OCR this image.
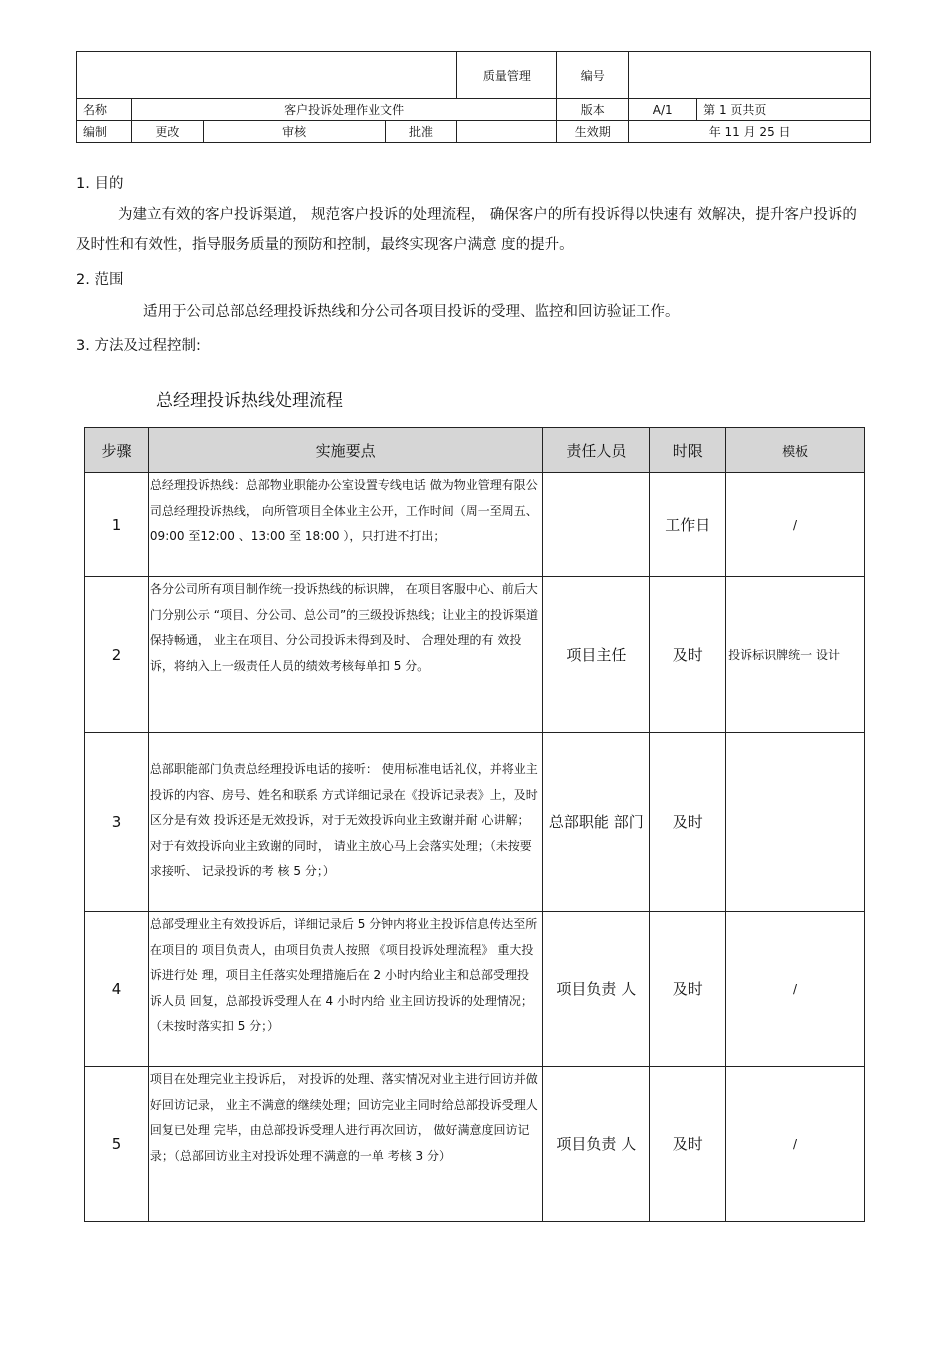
				质量管理	编号		
名称	客户投诉处理作业文件				版本	A/1	第 1 页共页
编制	更改	审核	批准		生效期	年 11 月 25 日	
1. 目的
为建立有效的客户投诉渠道， 规范客户投诉的处理流程， 确保客户的所有投诉得以快速有 效解决，提升客户投诉的及时性和有效性，指导服务质量的预防和控制，最终实现客户满意 度的提升。
2. 范围
适用于公司总部总经理投诉热线和分公司各项目投诉的受理、监控和回访验证工作。
3. 方法及过程控制:
总经理投诉热线处理流程
步骤	实施要点	责任人员	时限	模板
1	总经理投诉热线：总部物业职能办公室设置专线电话 做为物业管理有限公司总经理投诉热线， 向所管项目全体业主公开，工作时间（周一至周五、 09:00 至12:00 、13:00 至 18:00 ），只打进不打出；		工作日	/
2	各分公司所有项目制作统一投诉热线的标识牌， 在项目客服中心、前后大门分别公示 “项目、分公司、总公司”的三级投诉热线；让业主的投诉渠道保持畅通， 业主在项目、分公司投诉未得到及时、 合理处理的有 效投诉，将纳入上一级责任人员的绩效考核每单扣 5 分。	项目主任	及时	投诉标识牌统一 设计
3	总部职能部门负责总经理投诉电话的接听： 使用标准电话礼仪，并将业主投诉的内容、房号、姓名和联系 方式详细记录在《投诉记录表》上，及时区分是有效 投诉还是无效投诉，对于无效投诉向业主致谢并耐 心讲解；对于有效投诉向业主致谢的同时， 请业主放心马上会落实处理；（未按要求接听、 记录投诉的考 核 5 分；）	总部职能 部门	及时	
4	总部受理业主有效投诉后，详细记录后 5 分钟内将业主投诉信息传达至所在项目的 项目负责人，由项目负责人按照 《项目投诉处理流程》 重大投诉进行处 理，项目主任落实处理措施后在 2 小时内给业主和总部受理投诉人员 回复，总部投诉受理人在 4 小时内给 业主回访投诉的处理情况； （未按时落实扣 5 分；）	项目负责 人	及时	/
5	项目在处理完业主投诉后， 对投诉的处理、落实情况对业主进行回访并做好回访记录， 业主不满意的继续处理；回访完业主同时给总部投诉受理人回复已处理 完毕，由总部投诉受理人进行再次回访， 做好满意度回访记录；（总部回访业主对投诉处理不满意的一单 考核 3 分）	项目负责 人	及时	/
